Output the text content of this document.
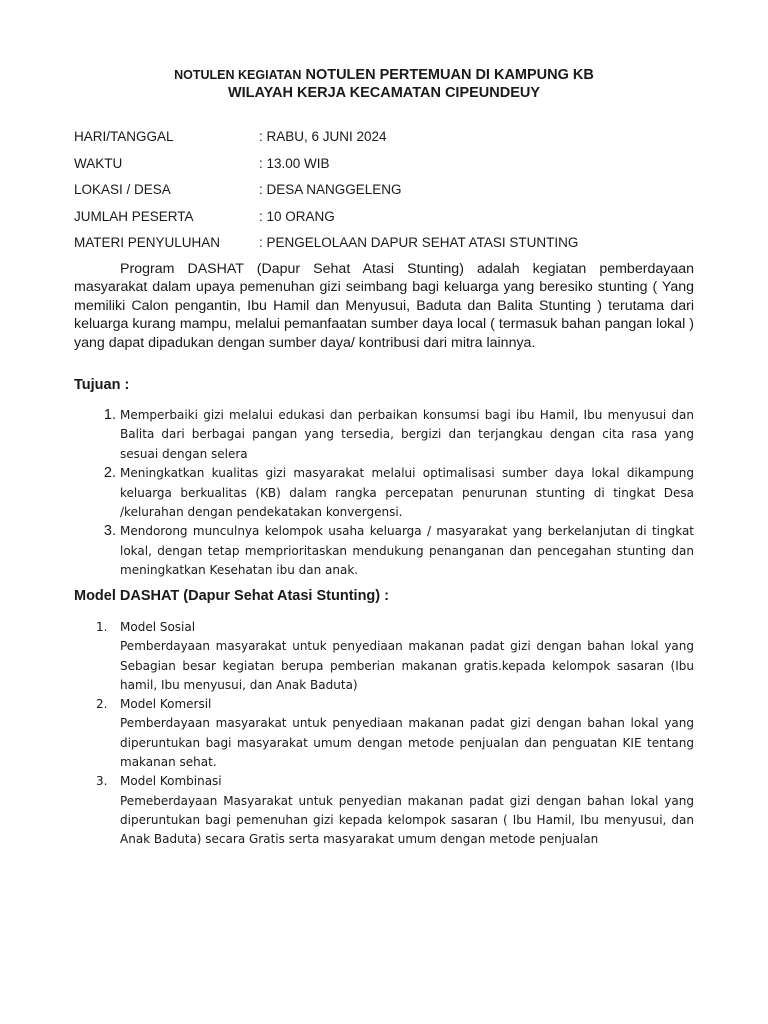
NOTULEN KEGIATAN NOTULEN PERTEMUAN DI KAMPUNG KB
WILAYAH KERJA KECAMATAN CIPEUNDEUY
HARI/TANGGAL	: RABU, 6 JUNI 2024
WAKTU	: 13.00 WIB
LOKASI / DESA	: DESA NANGGELENG
JUMLAH PESERTA	: 10 ORANG
MATERI PENYULUHAN	: PENGELOLAAN DAPUR SEHAT ATASI STUNTING

Program DASHAT (Dapur Sehat Atasi Stunting) adalah kegiatan pemberdayaan masyarakat dalam upaya pemenuhan gizi seimbang bagi keluarga yang beresiko stunting ( Yang memiliki Calon pengantin, Ibu Hamil dan Menyusui, Baduta dan Balita Stunting ) terutama dari keluarga kurang mampu, melalui pemanfaatan sumber daya local ( termasuk bahan pangan lokal ) yang dapat dipadukan dengan sumber daya/ kontribusi dari mitra lainnya.

Tujuan :
1. Memperbaiki gizi melalui edukasi dan perbaikan konsumsi bagi ibu Hamil, Ibu menyusui dan Balita dari berbagai pangan yang tersedia, bergizi dan terjangkau dengan cita rasa yang sesuai dengan selera
2. Meningkatkan kualitas gizi masyarakat melalui optimalisasi sumber daya lokal dikampung keluarga berkualitas (KB) dalam rangka percepatan penurunan stunting di tingkat Desa /kelurahan dengan pendekatakan konvergensi.
3. Mendorong munculnya kelompok usaha keluarga / masyarakat yang berkelanjutan di tingkat lokal, dengan tetap memprioritaskan mendukung penanganan dan pencegahan stunting dan meningkatkan Kesehatan ibu dan anak.
Model DASHAT (Dapur Sehat Atasi Stunting) :
1.	Model Sosial
Pemberdayaan masyarakat untuk penyediaan makanan padat gizi dengan bahan lokal yang Sebagian besar kegiatan berupa pemberian makanan gratis.kepada kelompok sasaran (Ibu hamil, Ibu menyusui, dan Anak Baduta)
2.	Model Komersil
Pemberdayaan masyarakat untuk penyediaan makanan padat gizi dengan bahan lokal yang diperuntukan bagi masyarakat umum dengan metode penjualan dan penguatan KIE tentang makanan sehat.
3.	Model Kombinasi
Pemeberdayaan Masyarakat untuk penyedian makanan padat gizi dengan bahan lokal yang diperuntukan bagi pemenuhan gizi kepada kelompok sasaran ( Ibu Hamil, Ibu menyusui, dan Anak Baduta) secara Gratis serta masyarakat umum dengan metode penjualan
